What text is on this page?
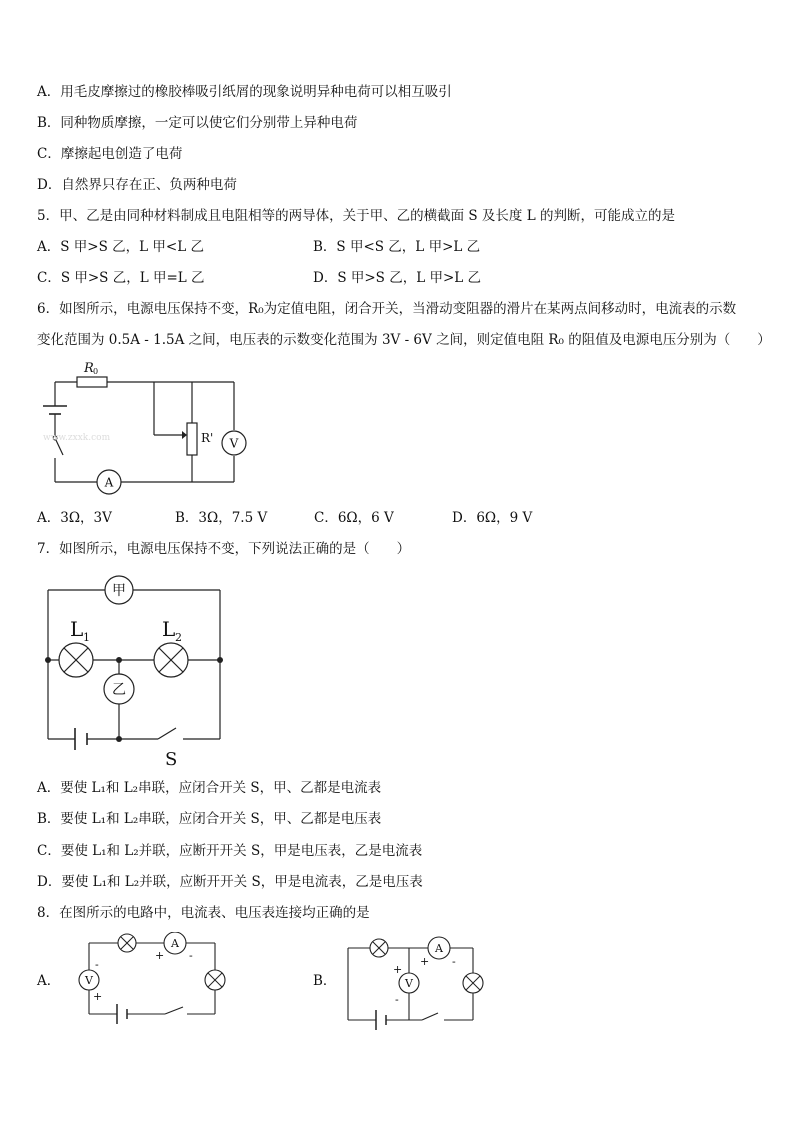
A．用毛皮摩擦过的橡胶棒吸引纸屑的现象说明异种电荷可以相互吸引
B．同种物质摩擦，一定可以使它们分别带上异种电荷
C．摩擦起电创造了电荷
D．自然界只存在正、负两种电荷
5．甲、乙是由同种材料制成且电阻相等的两导体，关于甲、乙的横截面 S 及长度 L 的判断，可能成立的是
A．S 甲>S 乙，L 甲<L 乙	B．S 甲<S 乙，L 甲>L 乙
C．S 甲>S 乙，L 甲=L 乙	D．S 甲>S 乙，L 甲>L 乙
6．如图所示，电源电压保持不变，R₀为定值电阻，闭合开关，当滑动变阻器的滑片在某两点间移动时，电流表的示数
变化范围为 0.5A - 1.5A 之间，电压表的示数变化范围为 3V - 6V 之间，则定值电阻 R₀ 的阻值及电源电压分别为（　　）
V
A
R 0
R'
www.zxxk.com
A．3Ω，3V	B．3Ω，7.5 V	C．6Ω，6 V	D．6Ω，9 V
7．如图所示，电源电压保持不变，下列说法正确的是（　　）
甲
乙
L 1	L 2
S
A．要使 L₁和 L₂串联，应闭合开关 S，甲、乙都是电流表
B．要使 L₁和 L₂串联，应闭合开关 S，甲、乙都是电压表
C．要使 L₁和 L₂并联，应断开开关 S，甲是电压表，乙是电流表
D．要使 L₁和 L₂并联，应断开开关 S，甲是电流表，乙是电压表
8．在图所示的电路中，电流表、电压表连接均正确的是
A．
A
V
+ -
-
+
B．
A
V
+ -
+
-
